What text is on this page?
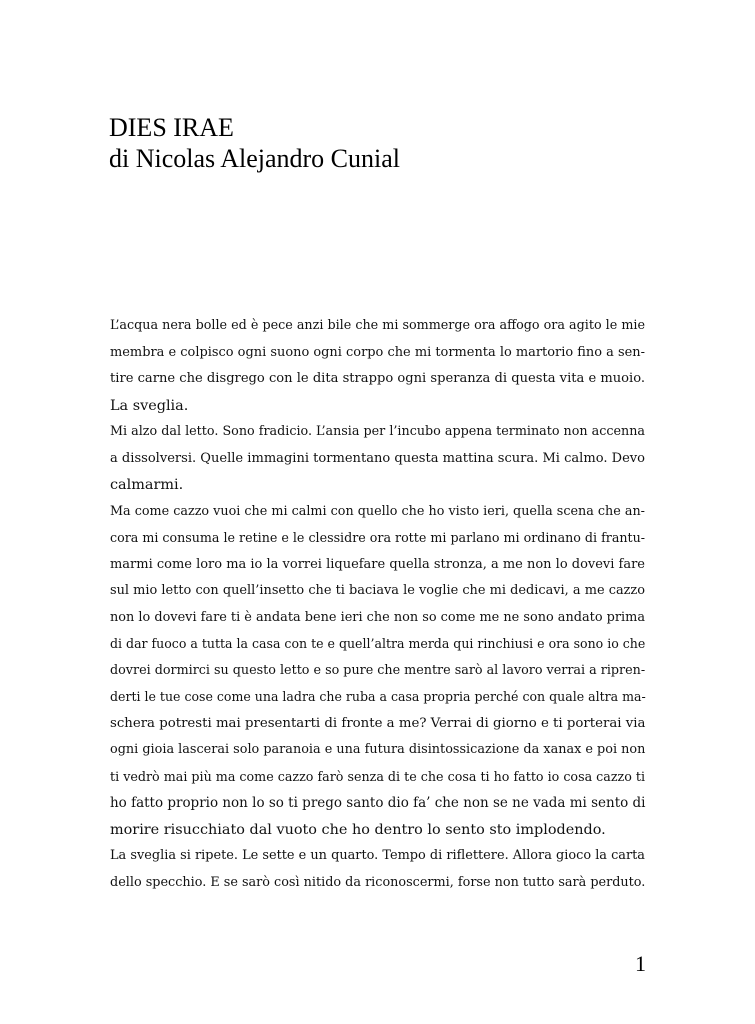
DIES IRAE
di Nicolas Alejandro Cunial
L’acqua nera bolle ed è pece anzi bile che mi sommerge ora affogo ora agito le mie
membra e colpisco ogni suono ogni corpo che mi tormenta lo martorio fino a sen-
tire carne che disgrego con le dita strappo ogni speranza di questa vita e muoio.
La sveglia.
Mi alzo dal letto. Sono fradicio. L’ansia per l’incubo appena terminato non accenna
a dissolversi. Quelle immagini tormentano questa mattina scura. Mi calmo. Devo
calmarmi.
Ma come cazzo vuoi che mi calmi con quello che ho visto ieri, quella scena che an-
cora mi consuma le retine e le clessidre ora rotte mi parlano mi ordinano di frantu-
marmi come loro ma io la vorrei liquefare quella stronza, a me non lo dovevi fare
sul mio letto con quell’insetto che ti baciava le voglie che mi dedicavi, a me cazzo
non lo dovevi fare ti è andata bene ieri che non so come me ne sono andato prima
di dar fuoco a tutta la casa con te e quell’altra merda qui rinchiusi e ora sono io che
dovrei dormirci su questo letto e so pure che mentre sarò al lavoro verrai a ripren-
derti le tue cose come una ladra che ruba a casa propria perché con quale altra ma-
schera potresti mai presentarti di fronte a me? Verrai di giorno e ti porterai via
ogni gioia lascerai solo paranoia e una futura disintossicazione da xanax e poi non
ti vedrò mai più ma come cazzo farò senza di te che cosa ti ho fatto io cosa cazzo ti
ho fatto proprio non lo so ti prego santo dio fa’ che non se ne vada mi sento di
morire risucchiato dal vuoto che ho dentro lo sento sto implodendo.
La sveglia si ripete. Le sette e un quarto. Tempo di riflettere. Allora gioco la carta
dello specchio. E se sarò così nitido da riconoscermi, forse non tutto sarà perduto.
1
